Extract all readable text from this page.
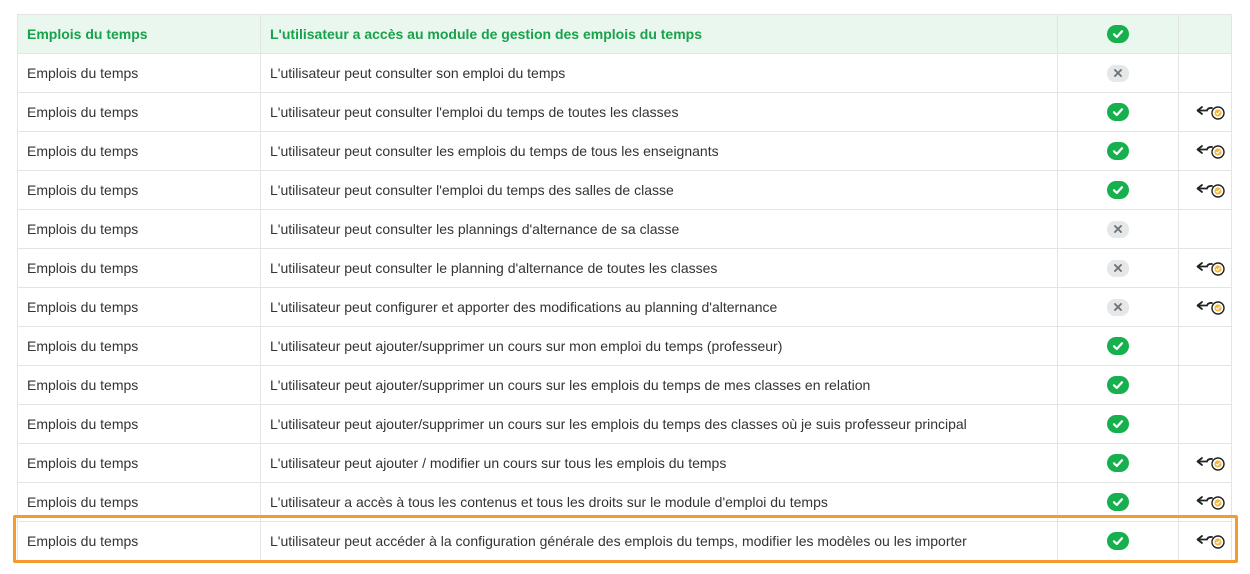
Emplois du temps	L'utilisateur a accès au module de gestion des emplois du temps	

Emplois du temps	L'utilisateur peut consulter son emploi du temps	

Emplois du temps	L'utilisateur peut consulter l'emploi du temps de toutes les classes	

Emplois du temps	L'utilisateur peut consulter les emplois du temps de tous les enseignants	

Emplois du temps	L'utilisateur peut consulter l'emploi du temps des salles de classe	

Emplois du temps	L'utilisateur peut consulter les plannings d'alternance de sa classe	

Emplois du temps	L'utilisateur peut consulter le planning d'alternance de toutes les classes	

Emplois du temps	L'utilisateur peut configurer et apporter des modifications au planning d'alternance	

Emplois du temps	L'utilisateur peut ajouter/supprimer un cours sur mon emploi du temps (professeur)	

Emplois du temps	L'utilisateur peut ajouter/supprimer un cours sur les emplois du temps de mes classes en relation	

Emplois du temps	L'utilisateur peut ajouter/supprimer un cours sur les emplois du temps des classes où je suis professeur principal	

Emplois du temps	L'utilisateur peut ajouter / modifier un cours sur tous les emplois du temps	

Emplois du temps	L'utilisateur a accès à tous les contenus et tous les droits sur le module d'emploi du temps	

Emplois du temps	L'utilisateur peut accéder à la configuration générale des emplois du temps, modifier les modèles ou les importer	
